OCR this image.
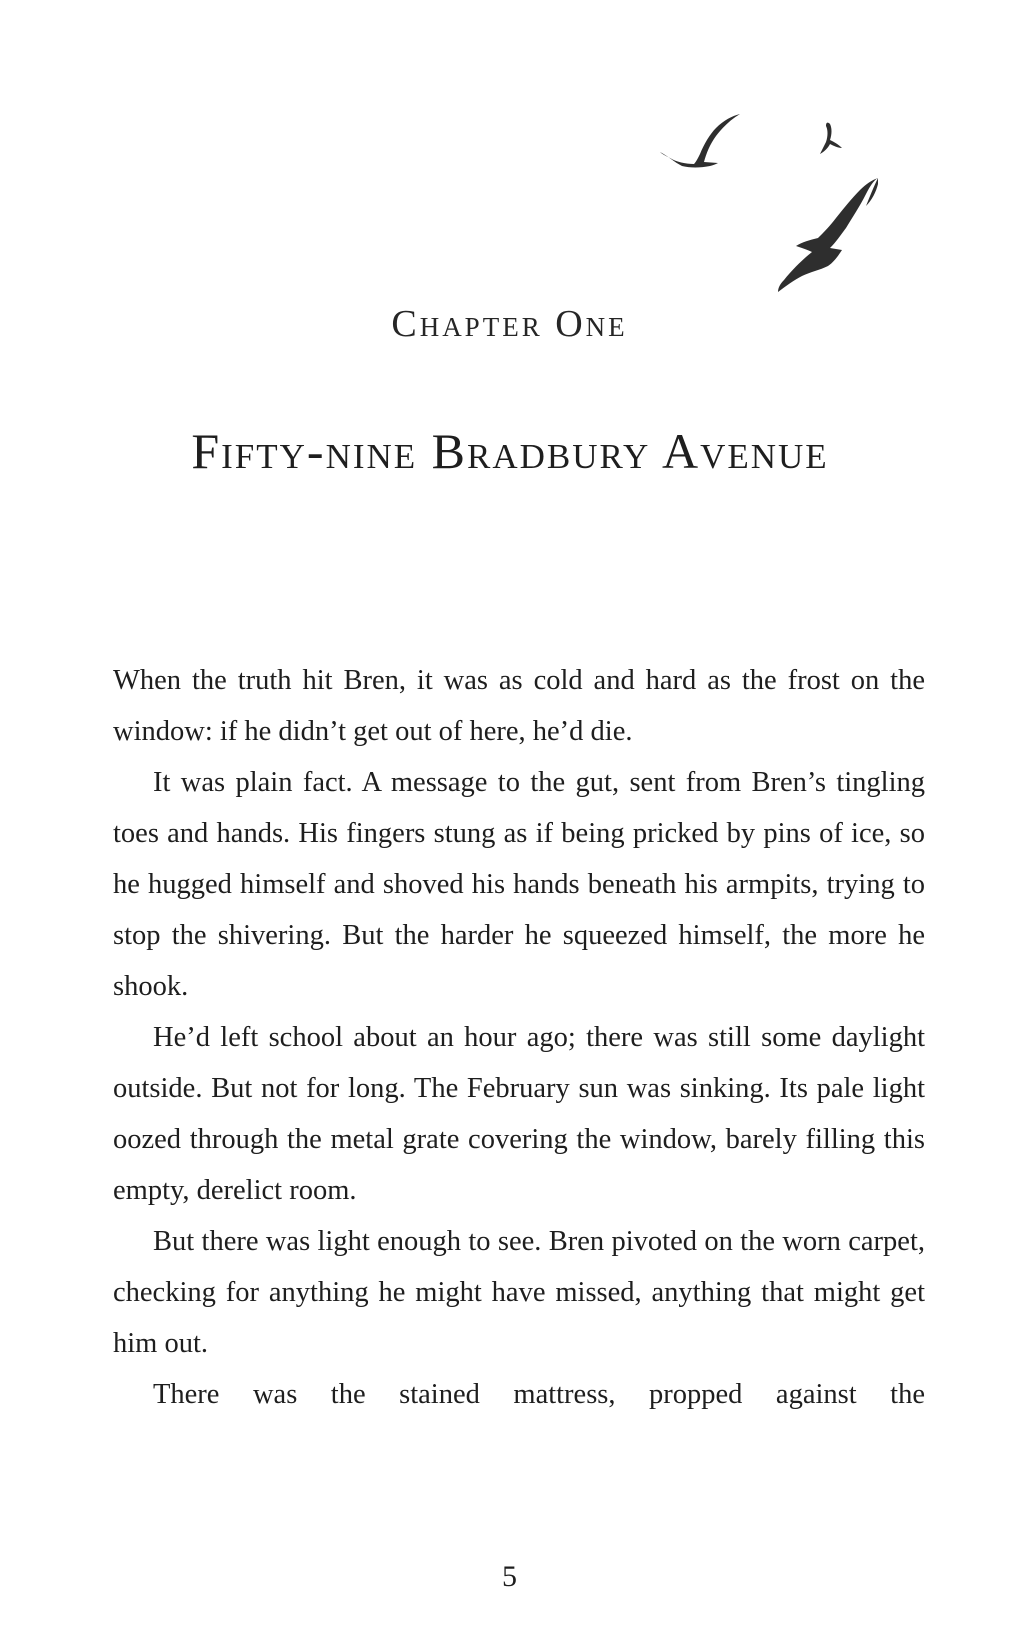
Chapter One
Fifty-nine Bradbury Avenue

When the truth hit Bren, it was as cold and hard as the frost on the window: if he didn’t get out of here, he’d die.

It was plain fact. A message to the gut, sent from Bren’s tingling toes and hands. His fingers stung as if being pricked by pins of ice, so he hugged himself and shoved his hands beneath his armpits, trying to stop the shivering. But the harder he squeezed himself, the more he shook.

He’d left school about an hour ago; there was still some daylight outside. But not for long. The February sun was sinking. Its pale light oozed through the metal grate covering the window, barely filling this empty, derelict room.

But there was light enough to see. Bren pivoted on the worn carpet, checking for anything he might have missed, anything that might get him out.

There was the stained mattress, propped against the

5
